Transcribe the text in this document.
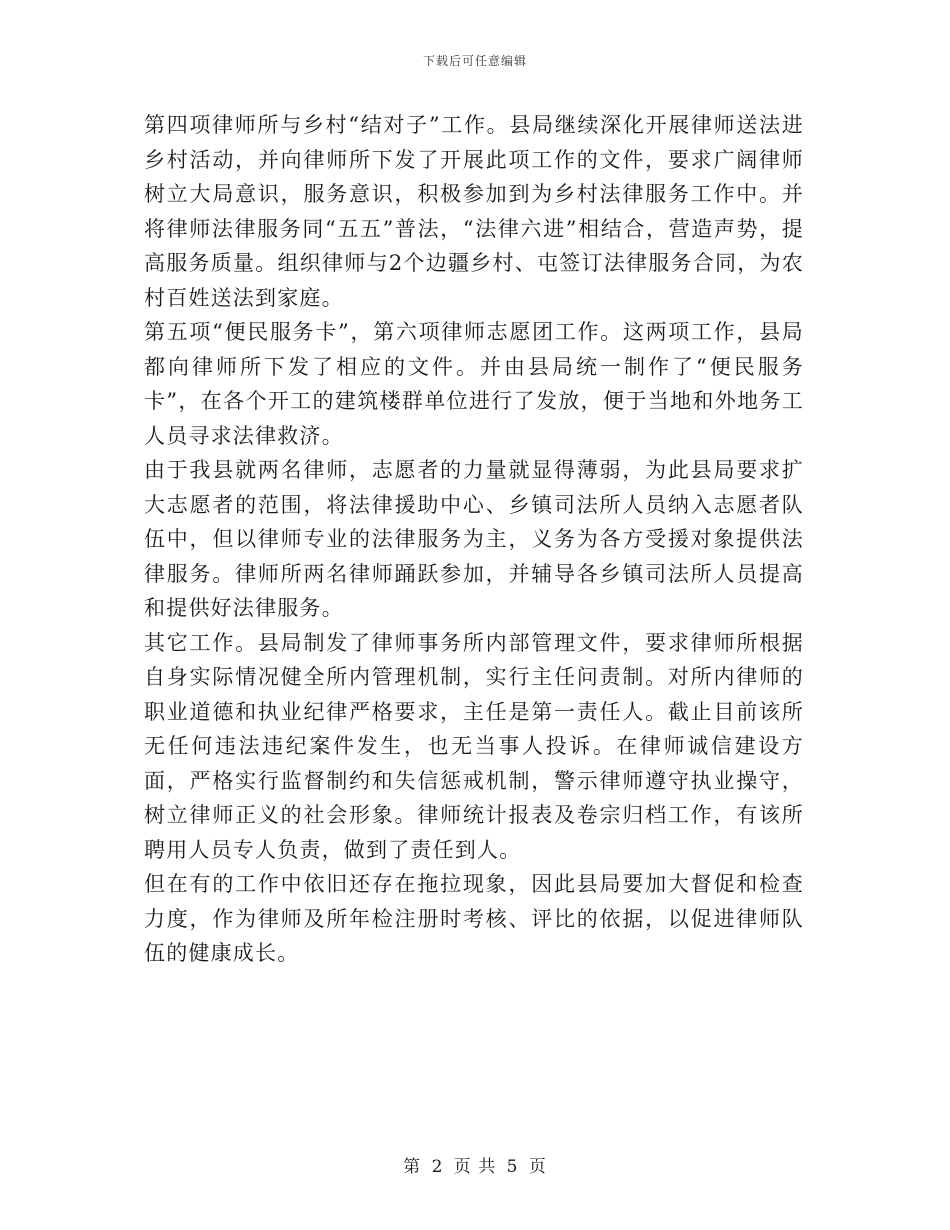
下载后可任意编辑

第四项律师所与乡村“结对子”工作。县局继续深化开展律师送法进乡村活动，并向律师所下发了开展此项工作的文件，要求广阔律师树立大局意识，服务意识，积极参加到为乡村法律服务工作中。并将律师法律服务同“五五”普法，“法律六进”相结合，营造声势，提高服务质量。组织律师与2个边疆乡村、屯签订法律服务合同，为农村百姓送法到家庭。

第五项“便民服务卡”，第六项律师志愿团工作。这两项工作，县局都向律师所下发了相应的文件。并由县局统一制作了“便民服务卡”，在各个开工的建筑楼群单位进行了发放，便于当地和外地务工人员寻求法律救济。

由于我县就两名律师，志愿者的力量就显得薄弱，为此县局要求扩大志愿者的范围，将法律援助中心、乡镇司法所人员纳入志愿者队伍中，但以律师专业的法律服务为主，义务为各方受援对象提供法律服务。律师所两名律师踊跃参加，并辅导各乡镇司法所人员提高和提供好法律服务。

其它工作。县局制发了律师事务所内部管理文件，要求律师所根据自身实际情况健全所内管理机制，实行主任问责制。对所内律师的职业道德和执业纪律严格要求，主任是第一责任人。截止目前该所无任何违法违纪案件发生，也无当事人投诉。在律师诚信建设方面，严格实行监督制约和失信惩戒机制，警示律师遵守执业操守，树立律师正义的社会形象。律师统计报表及卷宗归档工作，有该所聘用人员专人负责，做到了责任到人。

但在有的工作中依旧还存在拖拉现象，因此县局要加大督促和检查力度，作为律师及所年检注册时考核、评比的依据，以促进律师队伍的健康成长。

第 2 页 共 5 页
